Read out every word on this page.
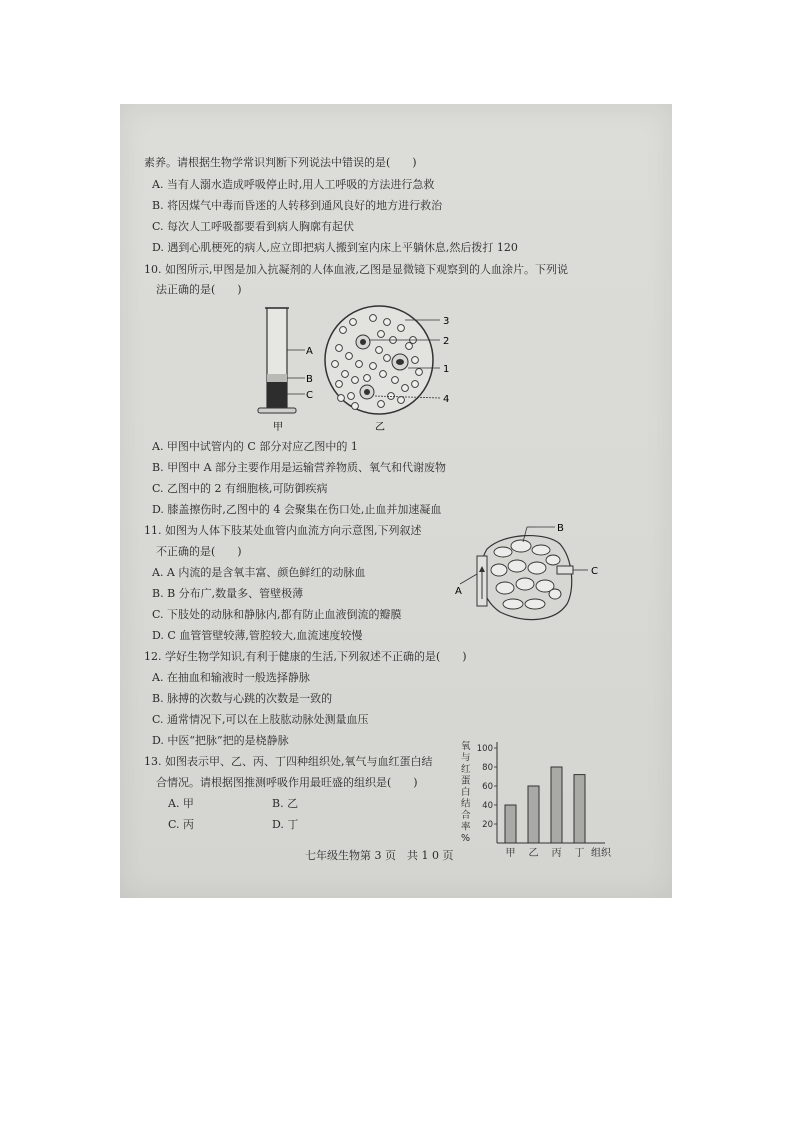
素养。请根据生物学常识判断下列说法中错误的是(　　)
A. 当有人溺水造成呼吸停止时,用人工呼吸的方法进行急救
B. 将因煤气中毒而昏迷的人转移到通风良好的地方进行救治
C. 每次人工呼吸都要看到病人胸廓有起伏
D. 遇到心肌梗死的病人,应立即把病人搬到室内床上平躺休息,然后拨打 120
10. 如图所示,甲图是加入抗凝剂的人体血液,乙图是显微镜下观察到的人血涂片。下列说
法正确的是(　　)
A
B
C
甲
3
2
1
4
乙
A. 甲图中试管内的 C 部分对应乙图中的 1
B. 甲图中 A 部分主要作用是运输营养物质、氧气和代谢废物
C. 乙图中的 2 有细胞核,可防御疾病
D. 膝盖擦伤时,乙图中的 4 会聚集在伤口处,止血并加速凝血
11. 如图为人体下肢某处血管内血流方向示意图,下列叙述
不正确的是(　　)
B
A
C
A. A 内流的是含氧丰富、颜色鲜红的动脉血
B. B 分布广,数量多、管壁极薄
C. 下肢处的动脉和静脉内,都有防止血液倒流的瓣膜
D. C 血管管壁较薄,管腔较大,血流速度较慢
12. 学好生物学知识,有利于健康的生活,下列叙述不正确的是(　　)
A. 在抽血和输液时一般选择静脉
B. 脉搏的次数与心跳的次数是一致的
C. 通常情况下,可以在上肢肱动脉处测量血压
D. 中医“把脉”把的是桡静脉
13. 如图表示甲、乙、丙、丁四种组织处,氧气与血红蛋白结
合情况。请根据图推测呼吸作用最旺盛的组织是(　　)
A. 甲	B. 乙
C. 丙	D. 丁
氧与红蛋白结合率%
20
40
60
80
100
甲 乙 丙 丁 组织
七年级生物第 3 页　共 1 0 页
